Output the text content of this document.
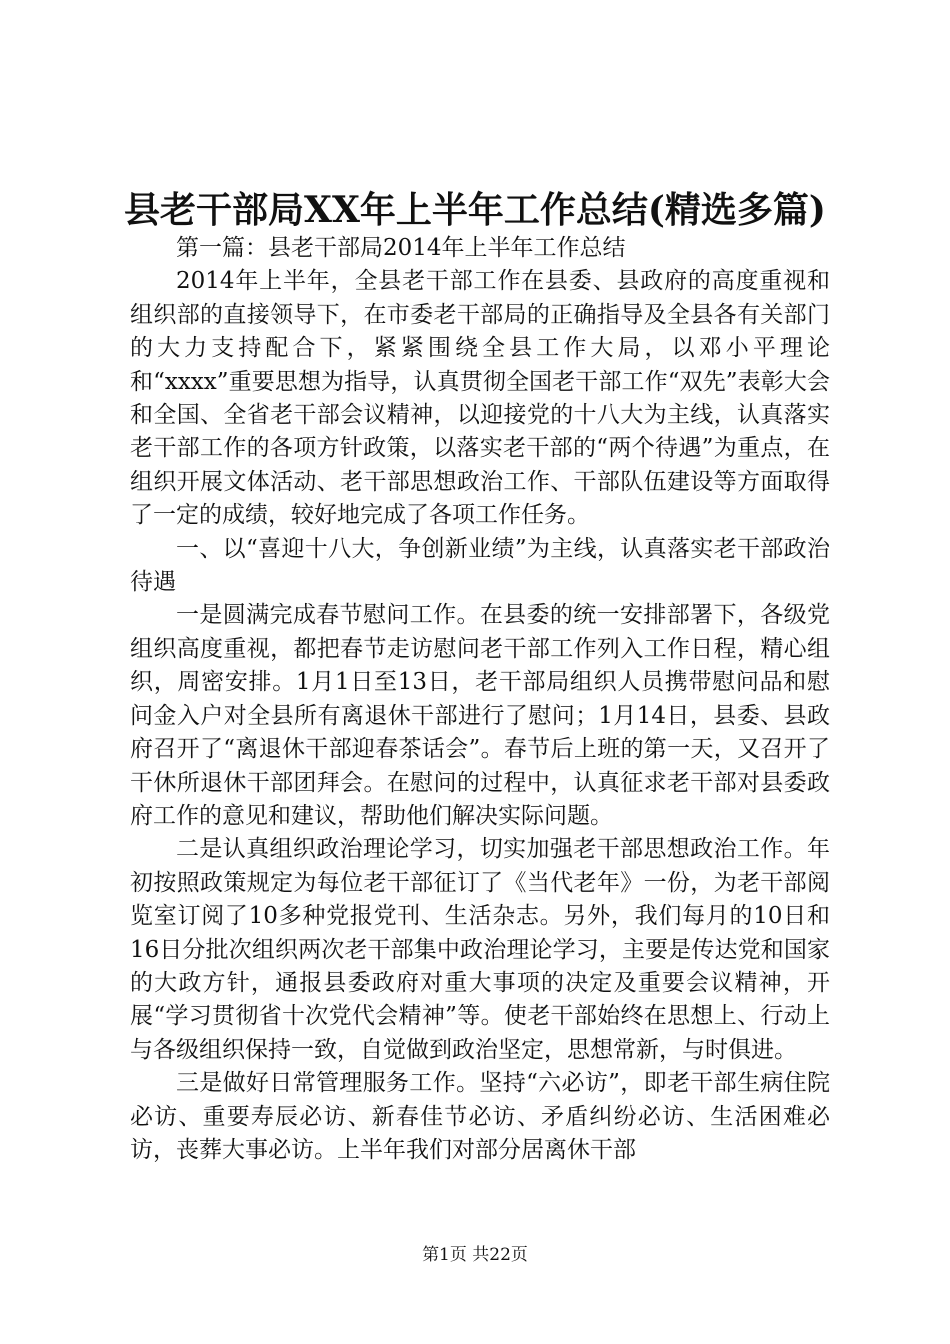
县老干部局XX年上半年工作总结(精选多篇)

第一篇：县老干部局2014年上半年工作总结

2014年上半年，全县老干部工作在县委、县政府的高度重视和组织部的直接领导下，在市委老干部局的正确指导及全县各有关部门的大力支持配合下，紧紧围绕全县工作大局，以邓小平理论和“xxxx”重要思想为指导，认真贯彻全国老干部工作“双先”表彰大会和全国、全省老干部会议精神，以迎接党的十八大为主线，认真落实老干部工作的各项方针政策，以落实老干部的“两个待遇”为重点，在组织开展文体活动、老干部思想政治工作、干部队伍建设等方面取得了一定的成绩，较好地完成了各项工作任务。

一、以“喜迎十八大，争创新业绩”为主线，认真落实老干部政治待遇

一是圆满完成春节慰问工作。在县委的统一安排部署下，各级党组织高度重视，都把春节走访慰问老干部工作列入工作日程，精心组织，周密安排。1月1日至13日，老干部局组织人员携带慰问品和慰问金入户对全县所有离退休干部进行了慰问；1月14日，县委、县政府召开了“离退休干部迎春茶话会”。春节后上班的第一天，又召开了干休所退休干部团拜会。在慰问的过程中，认真征求老干部对县委政府工作的意见和建议，帮助他们解决实际问题。

二是认真组织政治理论学习，切实加强老干部思想政治工作。年初按照政策规定为每位老干部征订了《当代老年》一份，为老干部阅览室订阅了10多种党报党刊、生活杂志。另外，我们每月的10日和16日分批次组织两次老干部集中政治理论学习，主要是传达党和国家的大政方针，通报县委政府对重大事项的决定及重要会议精神，开展“学习贯彻省十次党代会精神”等。使老干部始终在思想上、行动上与各级组织保持一致，自觉做到政治坚定，思想常新，与时俱进。

三是做好日常管理服务工作。坚持“六必访”，即老干部生病住院必访、重要寿辰必访、新春佳节必访、矛盾纠纷必访、生活困难必访，丧葬大事必访。上半年我们对部分居离休干部

第1页 共22页
